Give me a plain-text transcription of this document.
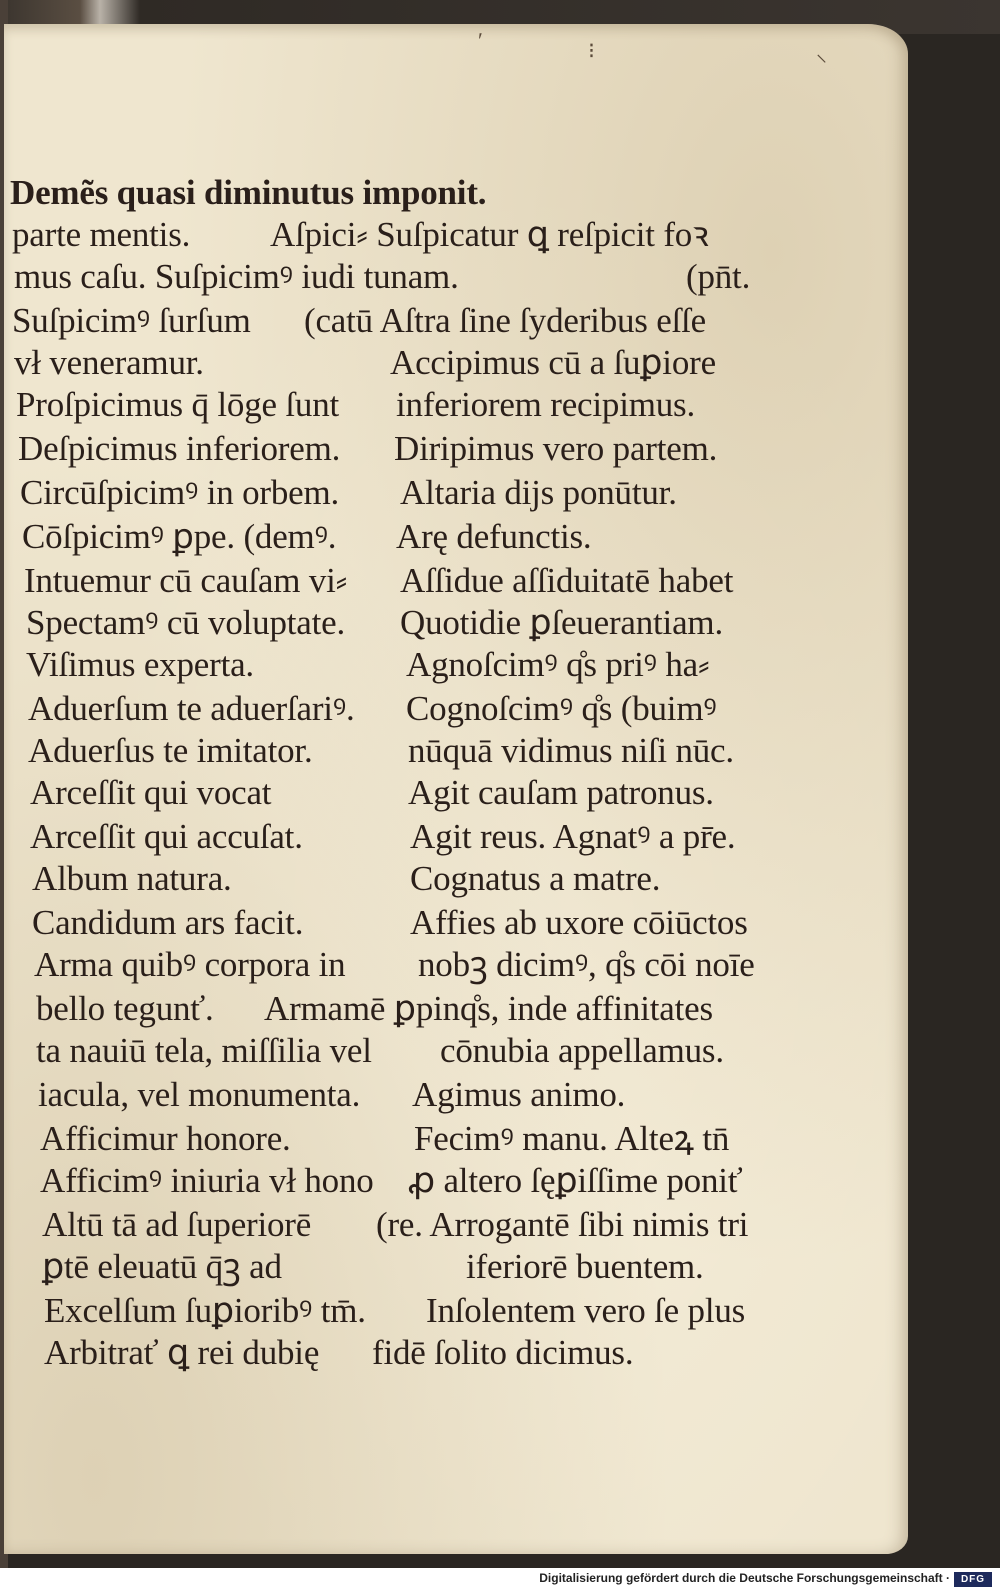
ʹ	⁝	⸜
Demẽs quasi diminutus imponit.
parte mentis. Aſpici⸗ Suſpicatur ꝗ reſpicit foꝛ
mus caſu. Suſpicimꝰ iudi tunam.	(pn̄t.
Suſpicimꝰ ſurſum (catū Aſtra ſine ſyderibus eſſe
vł veneramur.	Accipimus cū a ſuꝑiore
Proſpicimus q̄ lōge ſunt inferiorem recipimus.
Deſpicimus inferiorem. Diripimus vero partem.
Circūſpicimꝰ in orbem. Altaria dijs ponūtur.
Cōſpicimꝰ ꝑpe. (demꝰ. Arę defunctis.
Intuemur cū cauſam vi⸗ Aſſidue aſſiduitatē habet
Spectamꝰ cū voluptate. Quotidie ꝑſeuerantiam.
Viſimus experta.	Agnoſcimꝰ q̊s priꝰ ha⸗
Aduerſum te aduerſariꝰ. Cognoſcimꝰ q̊s (buimꝰ
Aduerſus te imitator.	nūquā vidimus niſi nūc.
Arceſſit qui vocat	Agit cauſam patronus.
Arceſſit qui accuſat.	Agit reus. Agnatꝰ a pr̄e.
Album natura.	Cognatus a matre.
Candidum ars facit.	Affies ab uxore cōiūctos
Arma quibꝰ corpora in nobꝫ dicimꝰ, q̊s cōi noīe
bello tegunť. Armamē ꝑpinq̊s, inde affinitates
ta nauiū tela, miſſilia vel cōnubia appellamus.
iacula, vel monumenta. Agimus animo.
Afficimur honore.	Fecimꝰ manu. Alteꝝ tn̄
Afficimꝰ iniuria vł hono ꝓ altero ſęꝑiſſime poniť
Altū tā ad ſuperiorē (re. Arrogantē ſibi nimis tri
ꝑtē eleuatū q̄ꝫ ad	iferiorē buentem.
Excelſum ſuꝑioribꝰ tm̄. Inſolentem vero ſe plus
Arbitrať ꝗ rei dubię fidē ſolito dicimus.
Digitalisierung gefördert durch die Deutsche Forschungsgemeinschaft ·	DFG
